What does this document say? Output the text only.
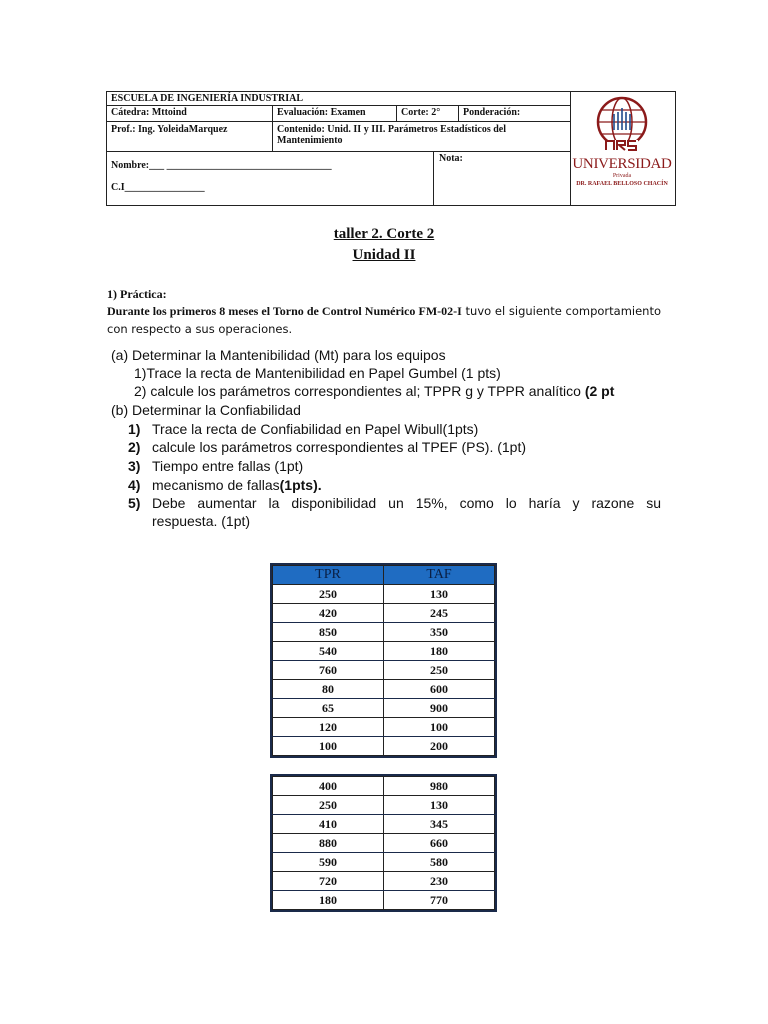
ESCUELA DE INGENIERÍA INDUSTRIAL
Cátedra: Mttoind	Evaluación: Examen	Corte: 2°	Ponderación:
Prof.: Ing. YoleidaMarquez	Contenido: Unid. II y III. Parámetros Estadísticos del Mantenimiento
Nombre:___ _________________________________
C.I________________
Nota:	UNIVERSIDAD
Privada
DR. RAFAEL BELLOSO CHACÍN
taller 2. Corte 2
Unidad II
1) Práctica:
Durante los primeros 8 meses el Torno de Control Numérico FM-02-I tuvo el siguiente comportamiento con respecto a sus operaciones.
(a) Determinar la Mantenibilidad (Mt) para los equipos
1)Trace la recta de Mantenibilidad en Papel Gumbel (1 pts)
2) calcule los parámetros correspondientes al; TPPR g y TPPR analítico (2 pt
(b) Determinar la Confiabilidad
1) Trace la recta de Confiabilidad en Papel Wibull(1pts)
2) calcule los parámetros correspondientes al TPEF (PS). (1pt)
3) Tiempo entre fallas (1pt)
4) mecanismo de fallas(1pts).
5) Debe aumentar la disponibilidad un 15%, como lo haría y razone su
respuesta. (1pt)
TPR	TAF
250	130
420	245
850	350
540	180
760	250
80	600
65	900
120	100
100	200
400	980
250	130
410	345
880	660
590	580
720	230
180	770
